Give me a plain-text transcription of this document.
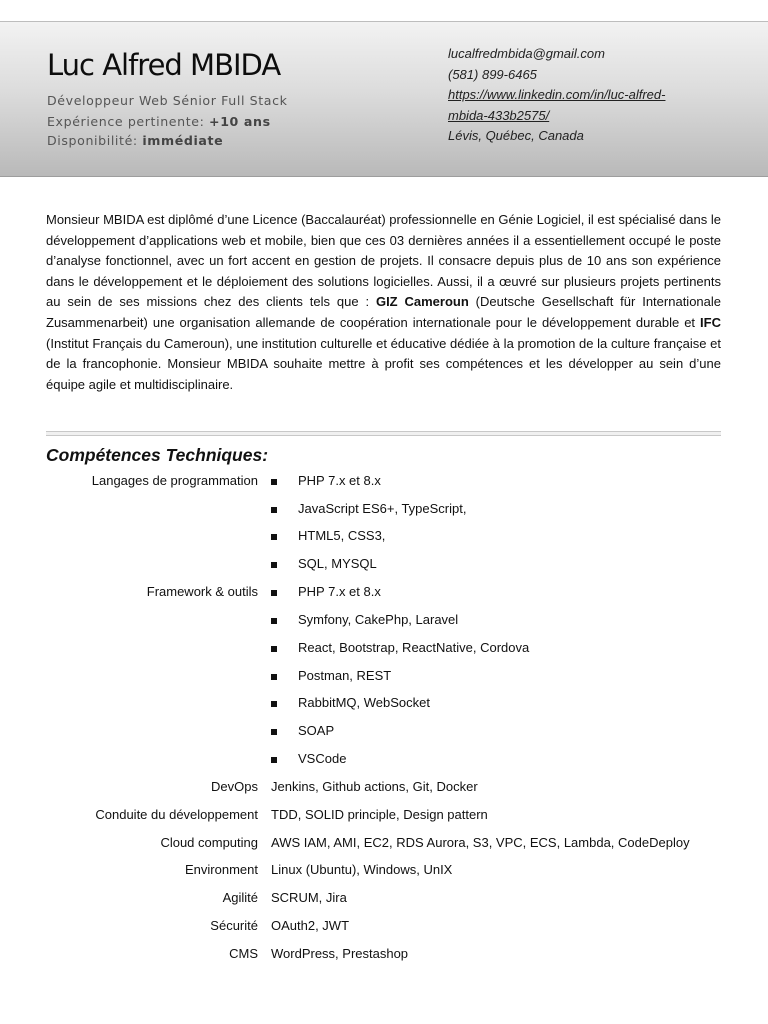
Luc Alfred MBIDA
Développeur Web Sénior Full Stack
Expérience pertinente: +10 ans
Disponibilité: immédiate
lucalfredmbida@gmail.com
(581) 899-6465
https://www.linkedin.com/in/luc-alfred-
mbida-433b2575/
Lévis, Québec, Canada

Monsieur MBIDA est diplômé d’une Licence (Baccalauréat) professionnelle en Génie Logiciel, il est spécialisé dans le développement d’applications web et mobile, bien que ces 03 dernières années il a essentiellement occupé le poste d’analyse fonctionnel, avec un fort accent en gestion de projets. Il consacre depuis plus de 10 ans son expérience dans le développement et le déploiement des solutions logicielles. Aussi, il a œuvré sur plusieurs projets pertinents au sein de ses missions chez des clients tels que : GIZ Cameroun (Deutsche Gesellschaft für Internationale Zusammenarbeit) une organisation allemande de coopération internationale pour le développement durable et IFC (Institut Français du Cameroun), une institution culturelle et éducative dédiée à la promotion de la culture française et de la francophonie. Monsieur MBIDA souhaite mettre à profit ses compétences et les développer au sein d’une équipe agile et multidisciplinaire.

Compétences Techniques:
Langages de programmation	PHP 7.x et 8.x
JavaScript ES6+, TypeScript,
HTML5, CSS3,
SQL, MYSQL
Framework & outils	PHP 7.x et 8.x
Symfony, CakePhp, Laravel
React, Bootstrap, ReactNative, Cordova
Postman, REST
RabbitMQ, WebSocket
SOAP
VSCode
DevOps Jenkins, Github actions, Git, Docker
Conduite du développement TDD, SOLID principle, Design pattern
Cloud computing AWS IAM, AMI, EC2, RDS Aurora, S3, VPC, ECS, Lambda, CodeDeploy
Environment Linux (Ubuntu), Windows, UnIX
Agilité SCRUM, Jira
Sécurité OAuth2, JWT
CMS WordPress, Prestashop
